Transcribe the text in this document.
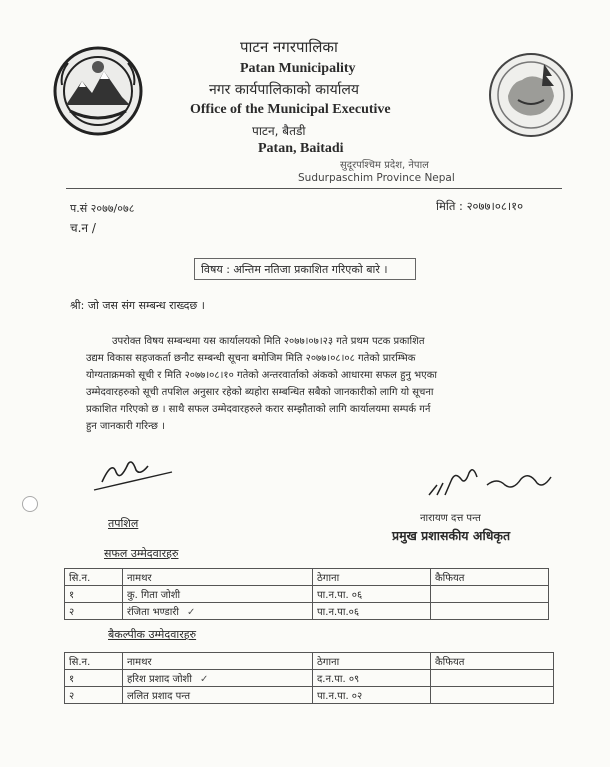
पाटन नगरपालिका
Patan Municipality
नगर कार्यपालिकाको कार्यालय
Office of the Municipal Executive
पाटन, बैतडी
Patan, Baitadi
सुदूरपश्चिम प्रदेश, नेपाल
Sudurpaschim Province Nepal
प.सं २०७७/०७८
च.न /
मिति : २०७७।०८।१०
विषय : अन्तिम नतिजा प्रकाशित गरिएको बारे ।
श्री: जो जस संग सम्बन्ध राख्दछ ।
उपरोक्त विषय सम्बन्धमा यस कार्यालयको मिति २०७७।०७।२३ गते प्रथम पटक प्रकाशित
उद्यम विकास सहजकर्ता छनौट सम्बन्धी सूचना बमोजिम मिति २०७७।०८।०८ गतेको प्रारम्भिक
योग्यताक्रमको सूची र मिति २०७७।०८।१० गतेको अन्तरवार्ताको अंकको आधारमा सफल हुनु भएका
उम्मेदवारहरुको सूची तपशिल अनुसार रहेको ब्यहोरा सम्बन्धित सबैको जानकारीको लागि यो सूचना
प्रकाशित गरिएको छ । साथै सफल उम्मेदवारहरुले करार सम्झौताको लागि कार्यालयमा सम्पर्क गर्न
हुन जानकारी गरिन्छ ।
नारायण दत्त पन्त
प्रमुख प्रशासकीय अधिकृत
तपशिल
सफल उम्मेदवारहरु
सि.न.	नामथर	ठेगाना	कैफियत
१	कु. गिता जोशी	पा.न.पा. ०६	
२	रंजिता भण्डारी ✓	पा.न.पा.०६	
बैकल्पीक उम्मेदवारहरु
सि.न.	नामथर	ठेगाना	कैफियत
१	हरिश प्रशाद जोशी ✓	द.न.पा. ०९	
२	ललित प्रशाद पन्त	पा.न.पा. ०२	
